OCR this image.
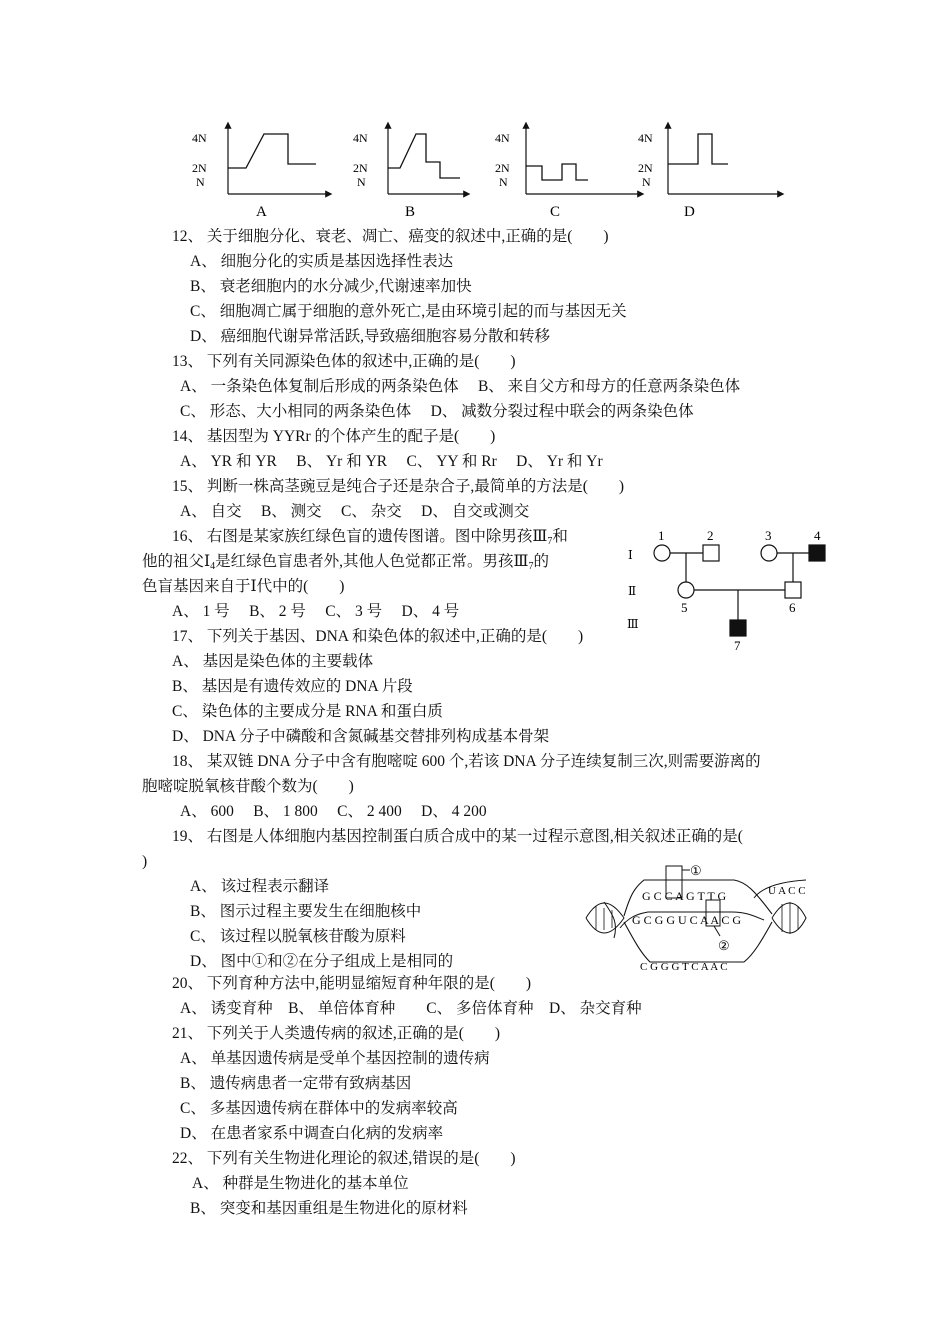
4N
2N
N
A
4N
2N
N
B
4N
2N
N
C
4N
2N
N
D
12、 关于细胞分化、衰老、凋亡、癌变的叙述中,正确的是(　　)
A、 细胞分化的实质是基因选择性表达
B、 衰老细胞内的水分减少,代谢速率加快
C、 细胞凋亡属于细胞的意外死亡,是由环境引起的而与基因无关
D、 癌细胞代谢异常活跃,导致癌细胞容易分散和转移
13、 下列有关同源染色体的叙述中,正确的是(　　)
A、 一条染色体复制后形成的两条染色体　 B、 来自父方和母方的任意两条染色体
C、 形态、大小相同的两条染色体　 D、 减数分裂过程中联会的两条染色体
14、 基因型为 YYRr 的个体产生的配子是(　　)
A、 YR 和 YR　 B、 Yr 和 YR　 C、 YY 和 Rr　 D、 Yr 和 Yr
15、 判断一株高茎豌豆是纯合子还是杂合子,最简单的方法是(　　)
A、 自交　 B、 测交　 C、 杂交　 D、 自交或测交
16、 右图是某家族红绿色盲的遗传图谱。图中除男孩$Ⅲ_7$和
他的祖父$Ⅰ_4$是红绿色盲患者外,其他人色觉都正常。男孩$Ⅲ_7$的
色盲基因来自于Ⅰ代中的(　　)
A、 1 号　 B、 2 号　 C、 3 号　 D、 4 号
Ⅰ
Ⅱ
Ⅲ
1	2	3	4
5	6
7
17、 下列关于基因、DNA 和染色体的叙述中,正确的是(　　)
A、 基因是染色体的主要载体
B、 基因是有遗传效应的 DNA 片段
C、 染色体的主要成分是 RNA 和蛋白质
D、 DNA 分子中磷酸和含氮碱基交替排列构成基本骨架
18、 某双链 DNA 分子中含有胞嘧啶 600 个,若该 DNA 分子连续复制三次,则需要游离的
胞嘧啶脱氧核苷酸个数为(　　)
A、 600　 B、 1 800　 C、 2 400　 D、 4 200
19、 右图是人体细胞内基因控制蛋白质合成中的某一过程示意图,相关叙述正确的是(
)
A、 该过程表示翻译
B、 图示过程主要发生在细胞核中
C、 该过程以脱氧核苷酸为原料
D、 图中①和②在分子组成上是相同的
G C C A G T T G	U A C C
G C G G U C A A C G
C G G G T C A A C
①
②
20、 下列育种方法中,能明显缩短育种年限的是(　　)
A、 诱变育种　B、 单倍体育种　　C、 多倍体育种　D、 杂交育种
21、 下列关于人类遗传病的叙述,正确的是(　　)
A、 单基因遗传病是受单个基因控制的遗传病
B、 遗传病患者一定带有致病基因
C、 多基因遗传病在群体中的发病率较高
D、 在患者家系中调查白化病的发病率
22、 下列有关生物进化理论的叙述,错误的是(　　)
A、 种群是生物进化的基本单位
B、 突变和基因重组是生物进化的原材料
